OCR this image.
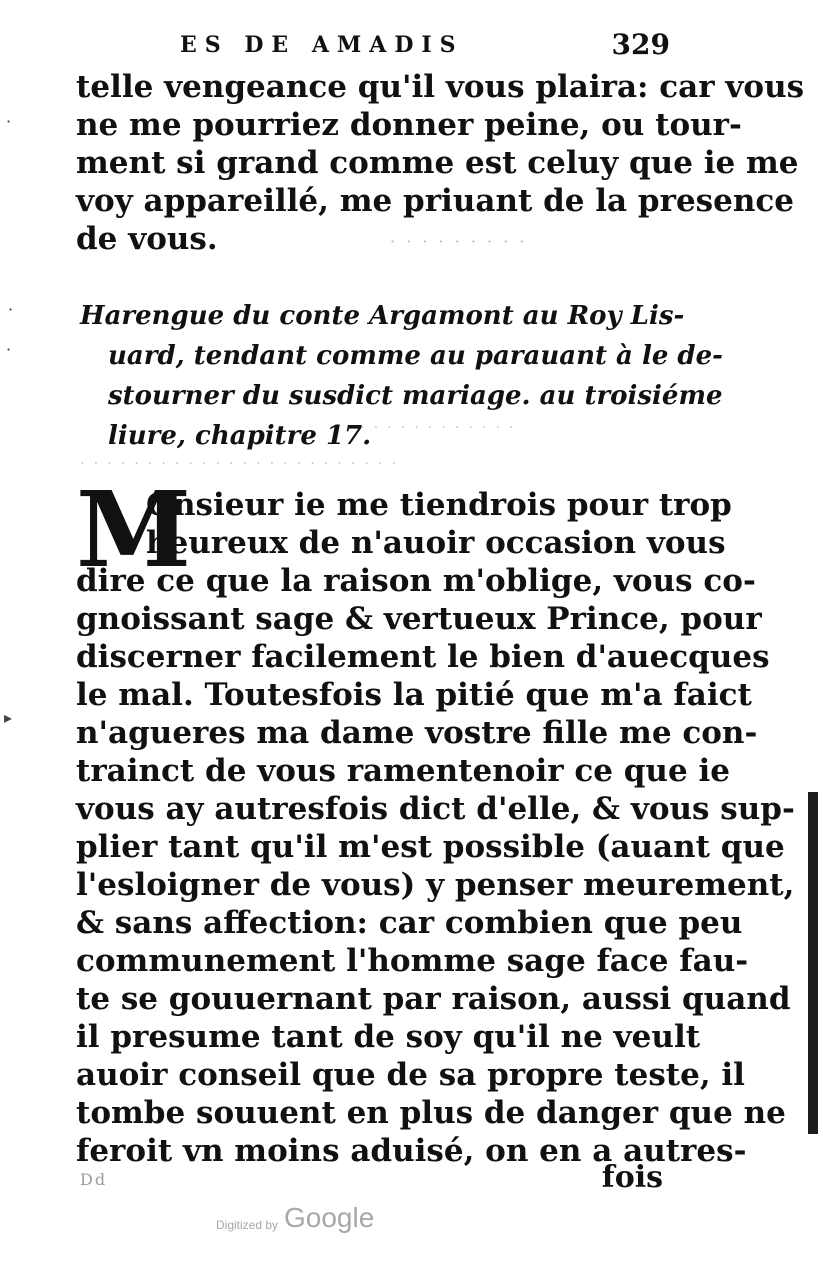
ES DE AMADIS	329
telle vengeance qu'il vous plaira: car vous
ne me pourriez donner peine, ou tour-
ment si grand comme est celuy que ie me
voy appareillé, me priuant de la presence
de vous.	· · · · · · · · ·
Harengue du conte Argamont au Roy Lis-
uard, tendant comme au parauant à le de-
stourner du susdict mariage. au troisiéme
liure, chapitre 17.
· · · · · · · · · · · ·
· · · · · · · · · · · · · · · · · · · · · · · ·
M
Onsieur ie me tiendrois pour trop
heureux de n'auoir occasion vous
dire ce que la raison m'oblige, vous co-
gnoissant sage & vertueux Prince, pour
discerner facilement le bien d'auecques
le mal. Toutesfois la pitié que m'a faict
n'agueres ma dame vostre fille me con-
trainct de vous ramentenoir ce que ie
vous ay autresfois dict d'elle, & vous sup-
plier tant qu'il m'est possible (auant que
l'esloigner de vous) y penser meurement,
& sans affection: car combien que peu
communement l'homme sage face fau-
te se gouuernant par raison, aussi quand
il presume tant de soy qu'il ne veult
auoir conseil que de sa propre teste, il
tombe souuent en plus de danger que ne
feroit vn moins aduisé, on en a autres-
Dd	fois
·
·
·
▸
Digitized by Google
